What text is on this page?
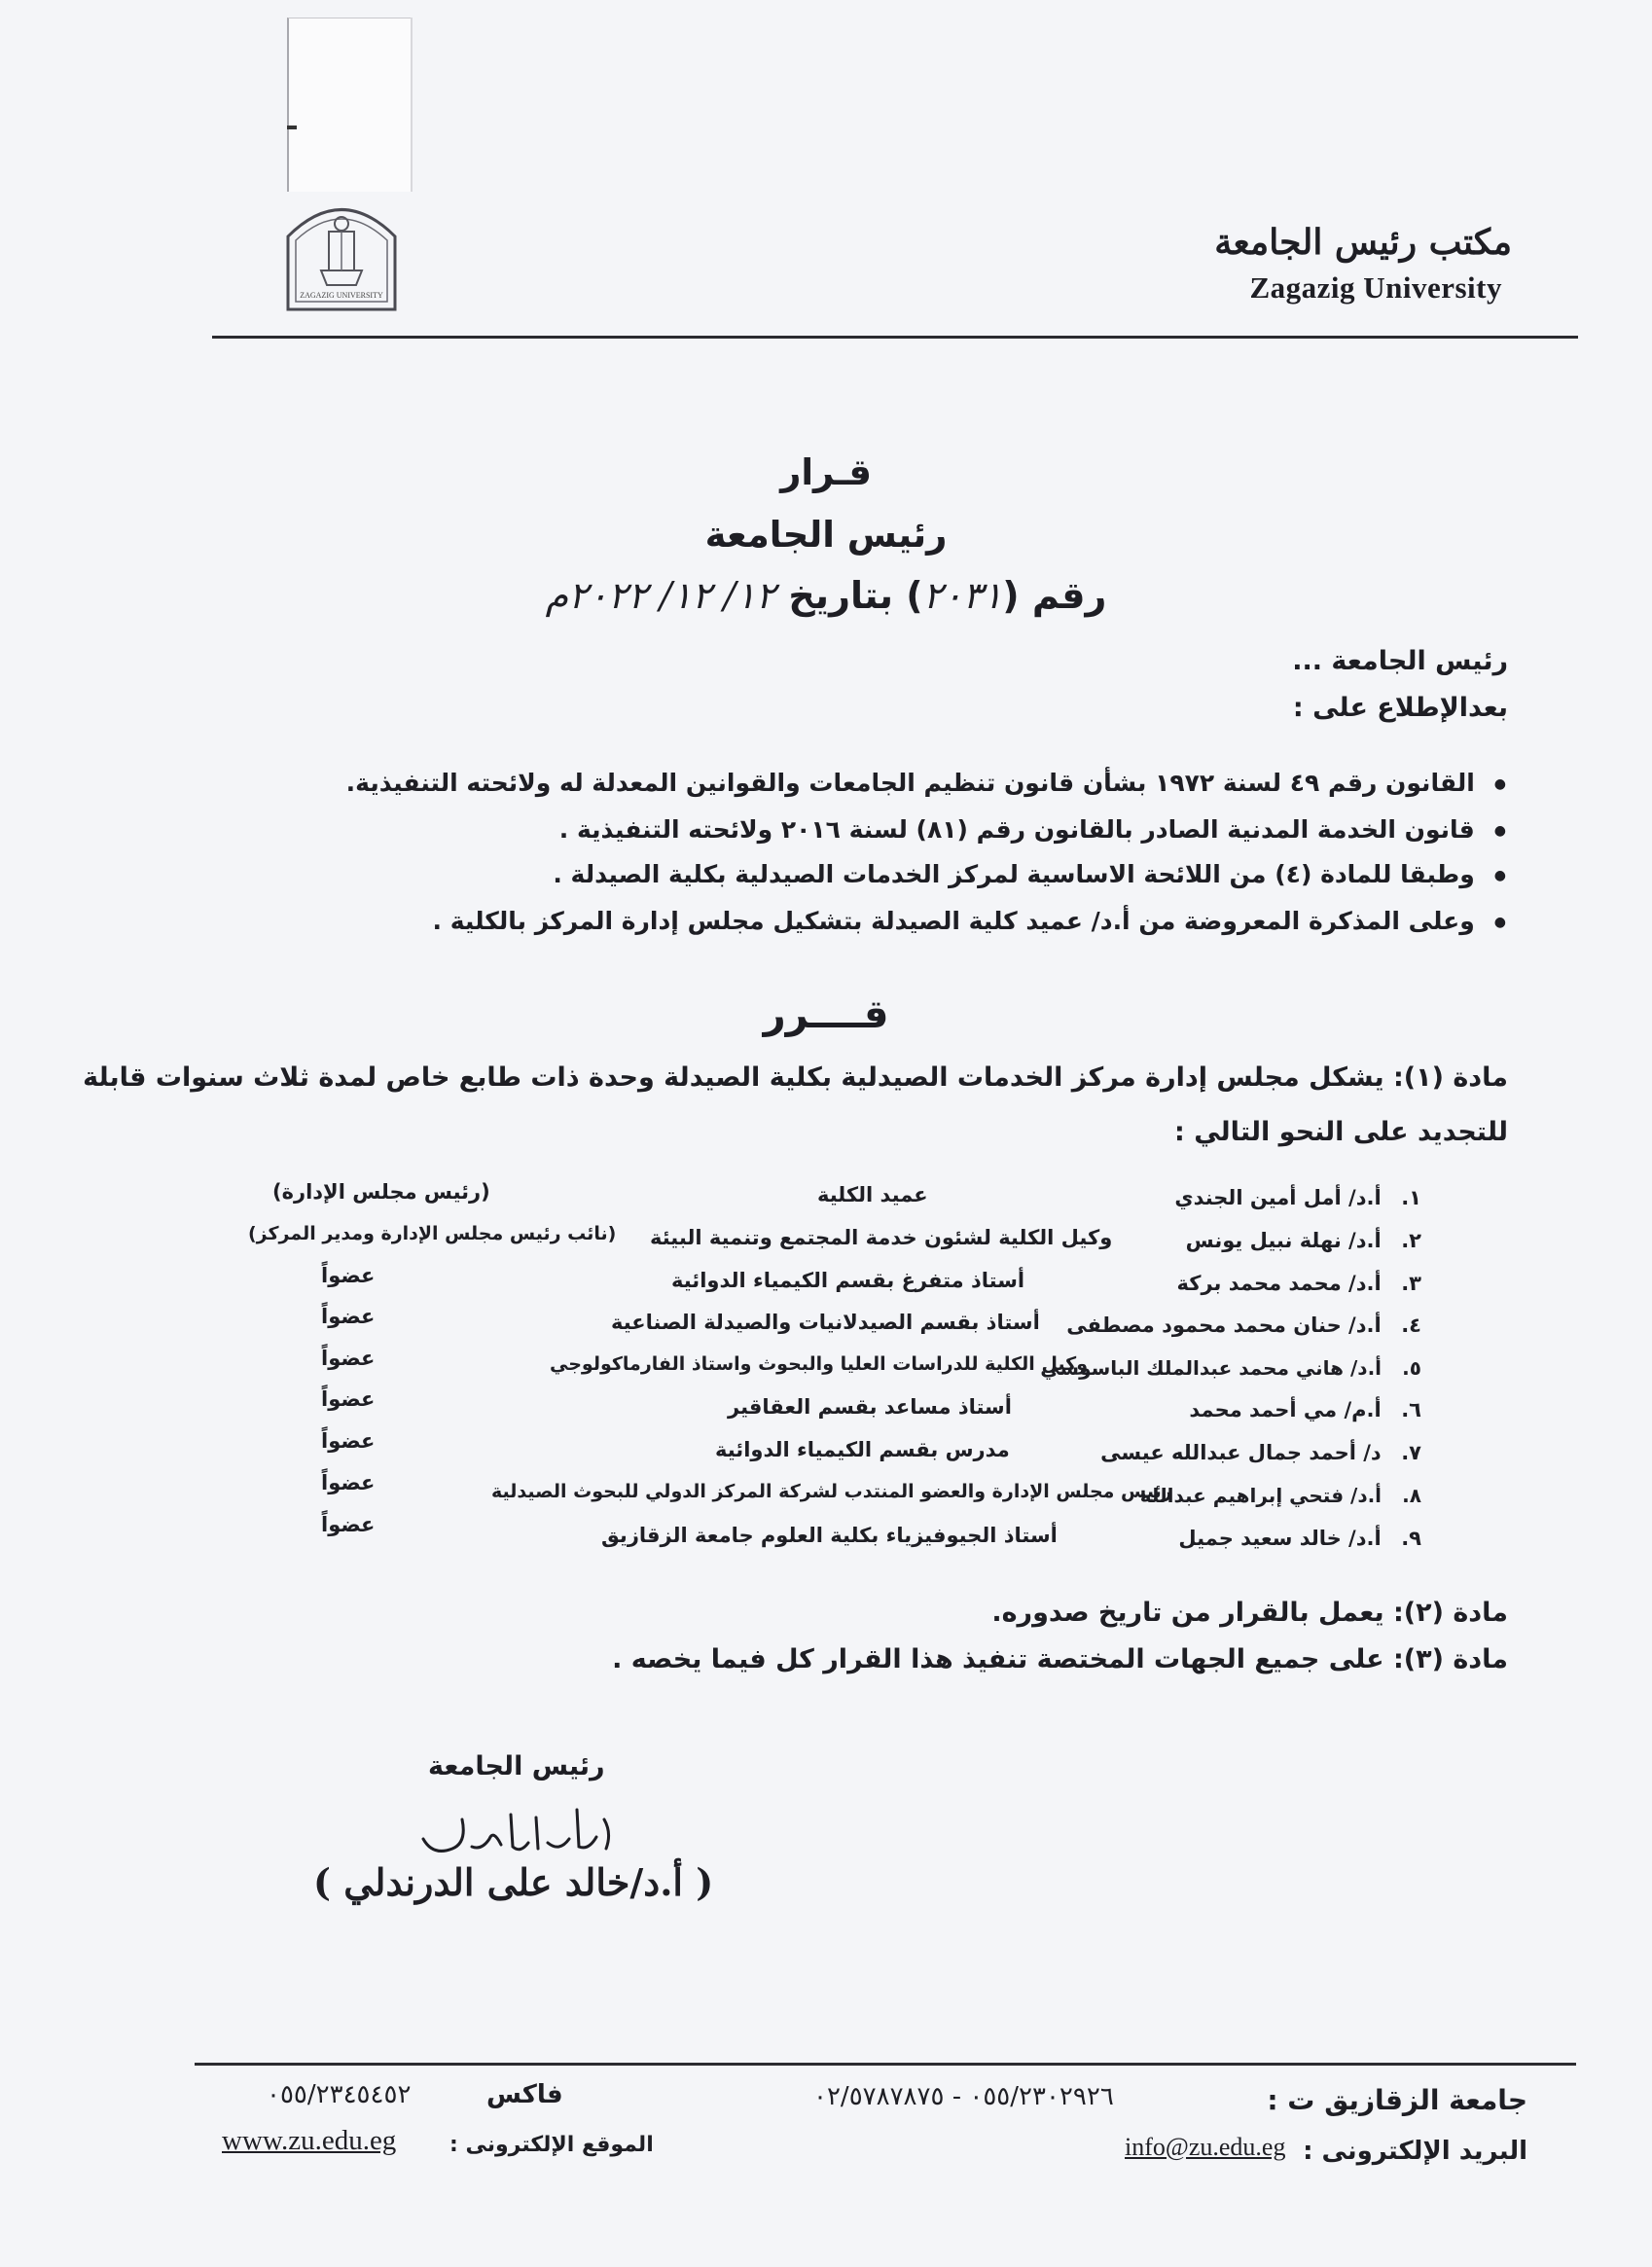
ZAGAZIG UNIVERSITY
مكتب رئيس الجامعة
Zagazig University
قـرار
رئيس الجامعة
رقم (٢٠٣١) بتاريخ ١٢/ ١٢/ ٢٠٢٢م
رئيس الجامعة ...
بعدالإطلاع على :
● القانون رقم ٤٩ لسنة ١٩٧٢ بشأن قانون تنظيم الجامعات والقوانين المعدلة له ولائحته التنفيذية.
● قانون الخدمة المدنية الصادر بالقانون رقم (٨١) لسنة ٢٠١٦ ولائحته التنفيذية .
● وطبقا للمادة (٤) من اللائحة الاساسية لمركز الخدمات الصيدلية بكلية الصيدلة .
● وعلى المذكرة المعروضة من أ.د/ عميد كلية الصيدلة بتشكيل مجلس إدارة المركز بالكلية .
قــــرر
مادة (١): يشكل مجلس إدارة مركز الخدمات الصيدلية بكلية الصيدلة وحدة ذات طابع خاص لمدة ثلاث سنوات قابلة
للتجديد على النحو التالي :
١. أ.د/ أمل أمين الجندي
عميد الكلية
(رئيس مجلس الإدارة)
٢. أ.د/ نهلة نبيل يونس
وكيل الكلية لشئون خدمة المجتمع وتنمية البيئة
(نائب رئيس مجلس الإدارة ومدير المركز)
٣. أ.د/ محمد محمد بركة
أستاذ متفرغ بقسم الكيمياء الدوائية
عضواً
٤. أ.د/ حنان محمد محمود مصطفى
أستاذ بقسم الصيدلانيات والصيدلة الصناعية
عضواً
٥. أ.د/ هاني محمد عبدالملك الباسوسي
وكيل الكلية للدراسات العليا والبحوث واستاذ الفارماكولوجي
عضواً
٦. أ.م/ مي أحمد محمد
أستاذ مساعد بقسم العقاقير
عضواً
٧. د/ أحمد جمال عبدالله عيسى
مدرس بقسم الكيمياء الدوائية
عضواً
٨. أ.د/ فتحي إبراهيم عبدالله
رئيس مجلس الإدارة والعضو المنتدب لشركة المركز الدولي للبحوث الصيدلية
عضواً
٩. أ.د/ خالد سعيد جميل
أستاذ الجيوفيزياء بكلية العلوم جامعة الزقازيق
عضواً
مادة (٢): يعمل بالقرار من تاريخ صدوره.
مادة (٣): على جميع الجهات المختصة تنفيذ هذا القرار كل فيما يخصه .
رئيس الجامعة
( أ.د/خالد على الدرندلي )
جامعة الزقازيق ت :
٠٥٥/٢٣٠٢٩٢٦ - ٠٢/٥٧٨٧٨٧٥
فاكس
٠٥٥/٢٣٤٥٤٥٢
البريد الإلكترونى :
info@zu.edu.eg
الموقع الإلكترونى :
www.zu.edu.eg
